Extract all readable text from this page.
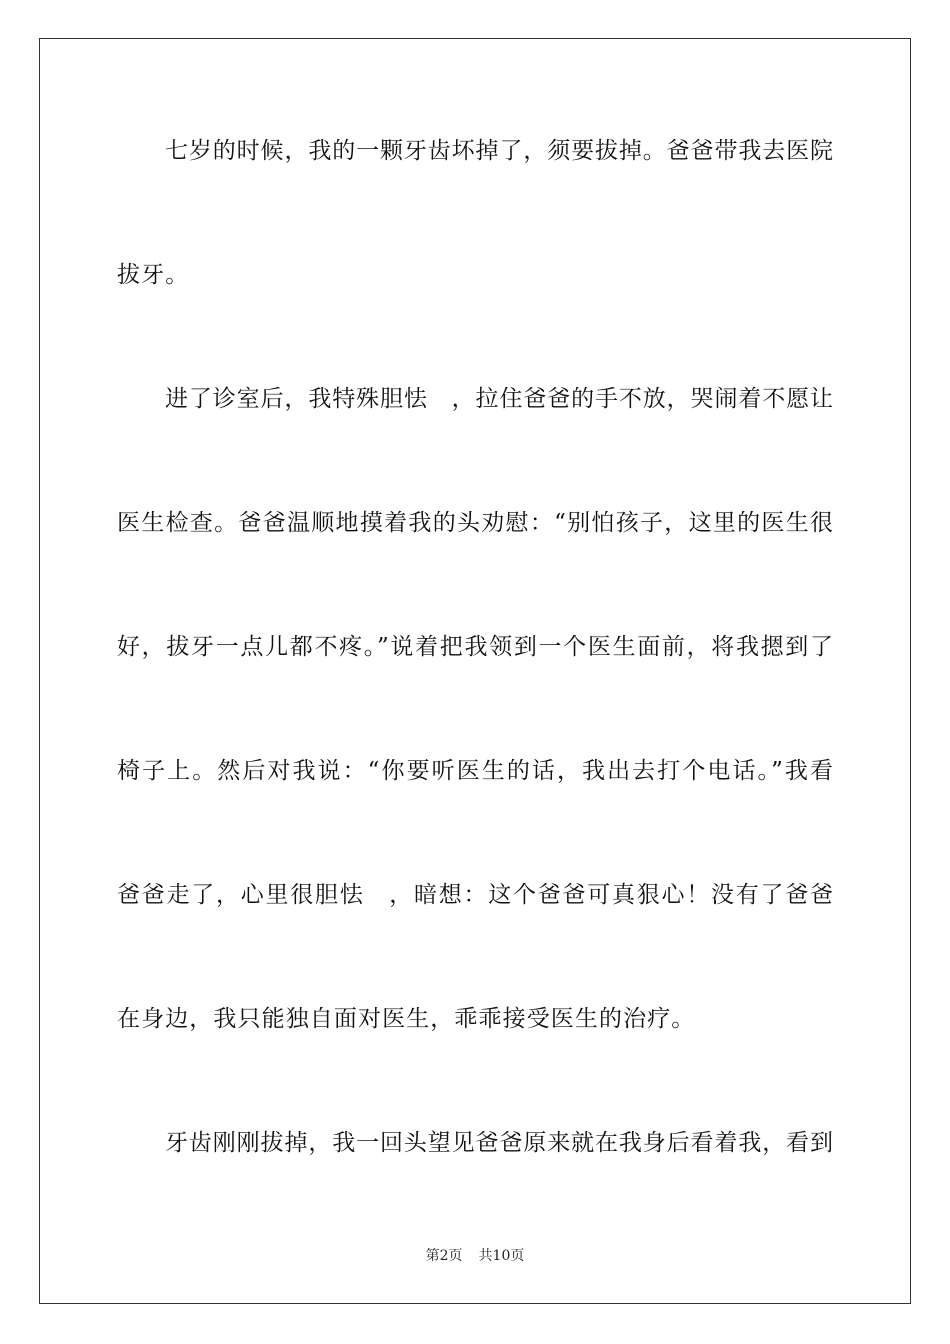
七岁的时候，我的一颗牙齿坏掉了，须要拔掉。爸爸带我去医院
拔牙。
进了诊室后，我特殊胆怯　，拉住爸爸的手不放，哭闹着不愿让
医生检查。爸爸温顺地摸着我的头劝慰：“别怕孩子，这里的医生很
好，拔牙一点儿都不疼。”说着把我领到一个医生面前，将我摁到了
椅子上。然后对我说：“你要听医生的话，我出去打个电话。”我看
爸爸走了，心里很胆怯　，暗想：这个爸爸可真狠心！没有了爸爸
在身边，我只能独自面对医生，乖乖接受医生的治疗。
牙齿刚刚拔掉，我一回头望见爸爸原来就在我身后看着我，看到
第2页 共10页
